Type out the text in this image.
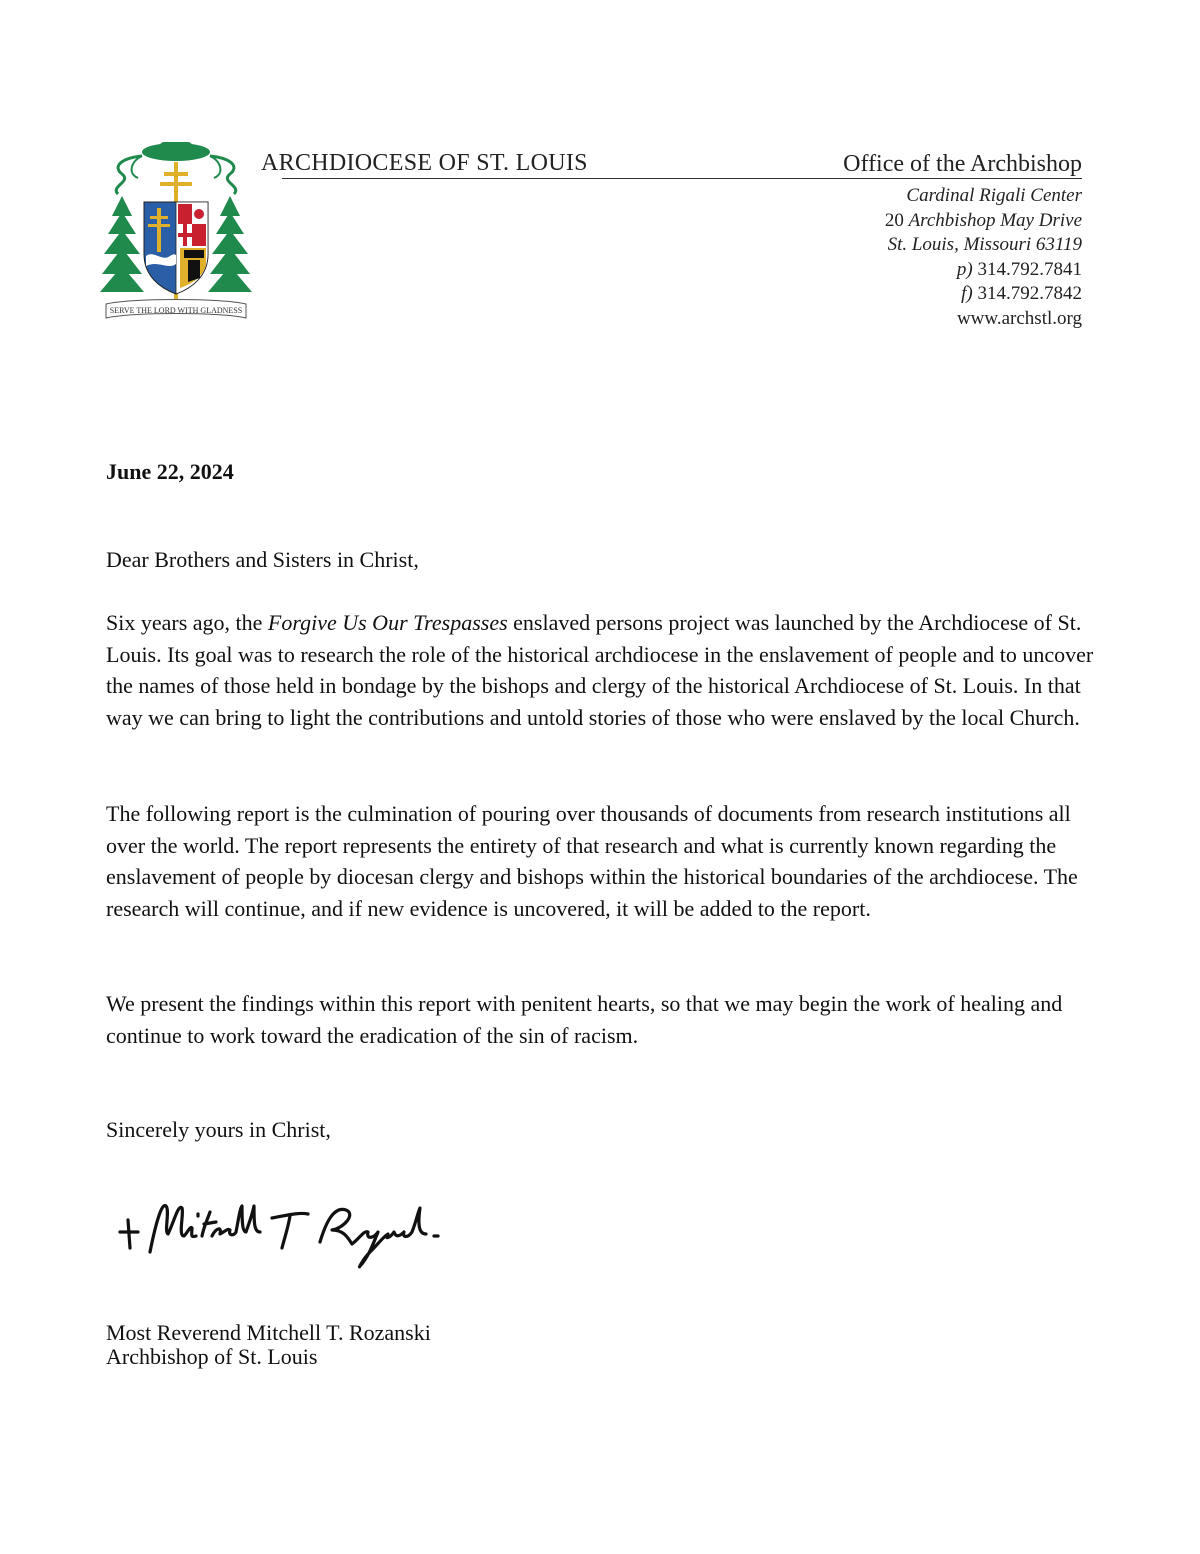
SERVE THE LORD WITH GLADNESS
ARCHDIOCESE OF ST. LOUIS	Office of the Archbishop
Cardinal Rigali Center
20 Archbishop May Drive
St. Louis, Missouri 63119
p) 314.792.7841
f) 314.792.7842
www.archstl.org
June 22, 2024
Dear Brothers and Sisters in Christ,

Six years ago, the Forgive Us Our Trespasses enslaved persons project was launched by the Archdiocese of St. Louis. Its goal was to research the role of the historical archdiocese in the enslavement of people and to uncover the names of those held in bondage by the bishops and clergy of the historical Archdiocese of St. Louis. In that way we can bring to light the contributions and untold stories of those who were enslaved by the local Church.

The following report is the culmination of pouring over thousands of documents from research institutions all over the world. The report represents the entirety of that research and what is currently known regarding the enslavement of people by diocesan clergy and bishops within the historical boundaries of the archdiocese. The research will continue, and if new evidence is uncovered, it will be added to the report.

We present the findings within this report with penitent hearts, so that we may begin the work of healing and continue to work toward the eradication of the sin of racism.

Sincerely yours in Christ,
Most Reverend Mitchell T. Rozanski
Archbishop of St. Louis
